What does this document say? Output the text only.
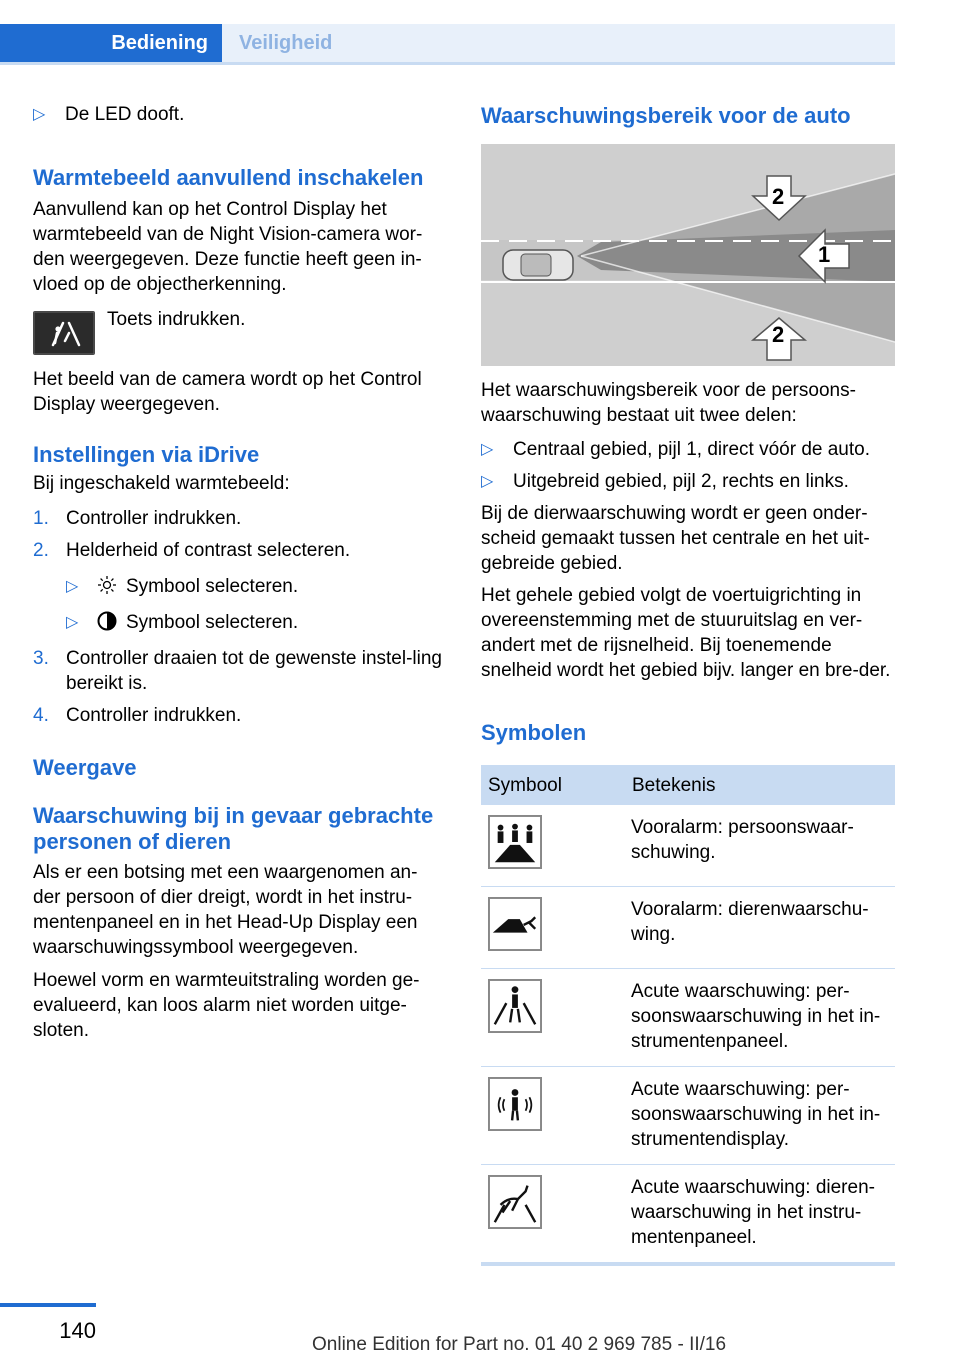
Bediening	Veiligheid
▷ De LED dooft.
Warmtebeeld aanvullend inschakelen

Aanvullend kan op het Control Display het warmtebeeld van de Night Vision-camera wor-den weergegeven. Deze functie heeft geen in-vloed op de objectherkenning.

Toets indrukken.

Het beeld van de camera wordt op het Control Display weergegeven.

Instellingen via iDrive

Bij ingeschakeld warmtebeeld:

1. Controller indrukken.
2. Helderheid of contrast selecteren.
▷	Symbool selecteren.
▷	Symbool selecteren.
3. Controller draaien tot de gewenste instel-ling bereikt is.
4. Controller indrukken.
Weergave
Waarschuwing bij in gevaar gebrachte personen of dieren

Als er een botsing met een waargenomen an-der persoon of dier dreigt, wordt in het instru-mentenpaneel en in het Head-Up Display een waarschuwingssymbool weergegeven.

Hoewel vorm en warmteuitstraling worden ge-evalueerd, kan loos alarm niet worden uitge-sloten.

Waarschuwingsbereik voor de auto
1
2
2

Het waarschuwingsbereik voor de persoons-waarschuwing bestaat uit twee delen:

▷ Centraal gebied, pijl 1, direct vóór de auto.
▷ Uitgebreid gebied, pijl 2, rechts en links.

Bij de dierwaarschuwing wordt er geen onder-scheid gemaakt tussen het centrale en het uit-gebreide gebied.

Het gehele gebied volgt de voertuigrichting in overeenstemming met de stuuruitslag en ver-andert met de rijsnelheid. Bij toenemende snelheid wordt het gebied bijv. langer en bre-der.

Symbolen
Symbool	Betekenis
	Vooralarm: persoonswaar-schuwing.
	Vooralarm: dierenwaarschu-wing.
	Acute waarschuwing: per-soonswaarschuwing in het in-strumentenpaneel.
	Acute waarschuwing: per-soonswaarschuwing in het in-strumentendisplay.
	Acute waarschuwing: dieren-waarschuwing in het instru-mentenpaneel.
140
Online Edition for Part no. 01 40 2 969 785 - II/16
